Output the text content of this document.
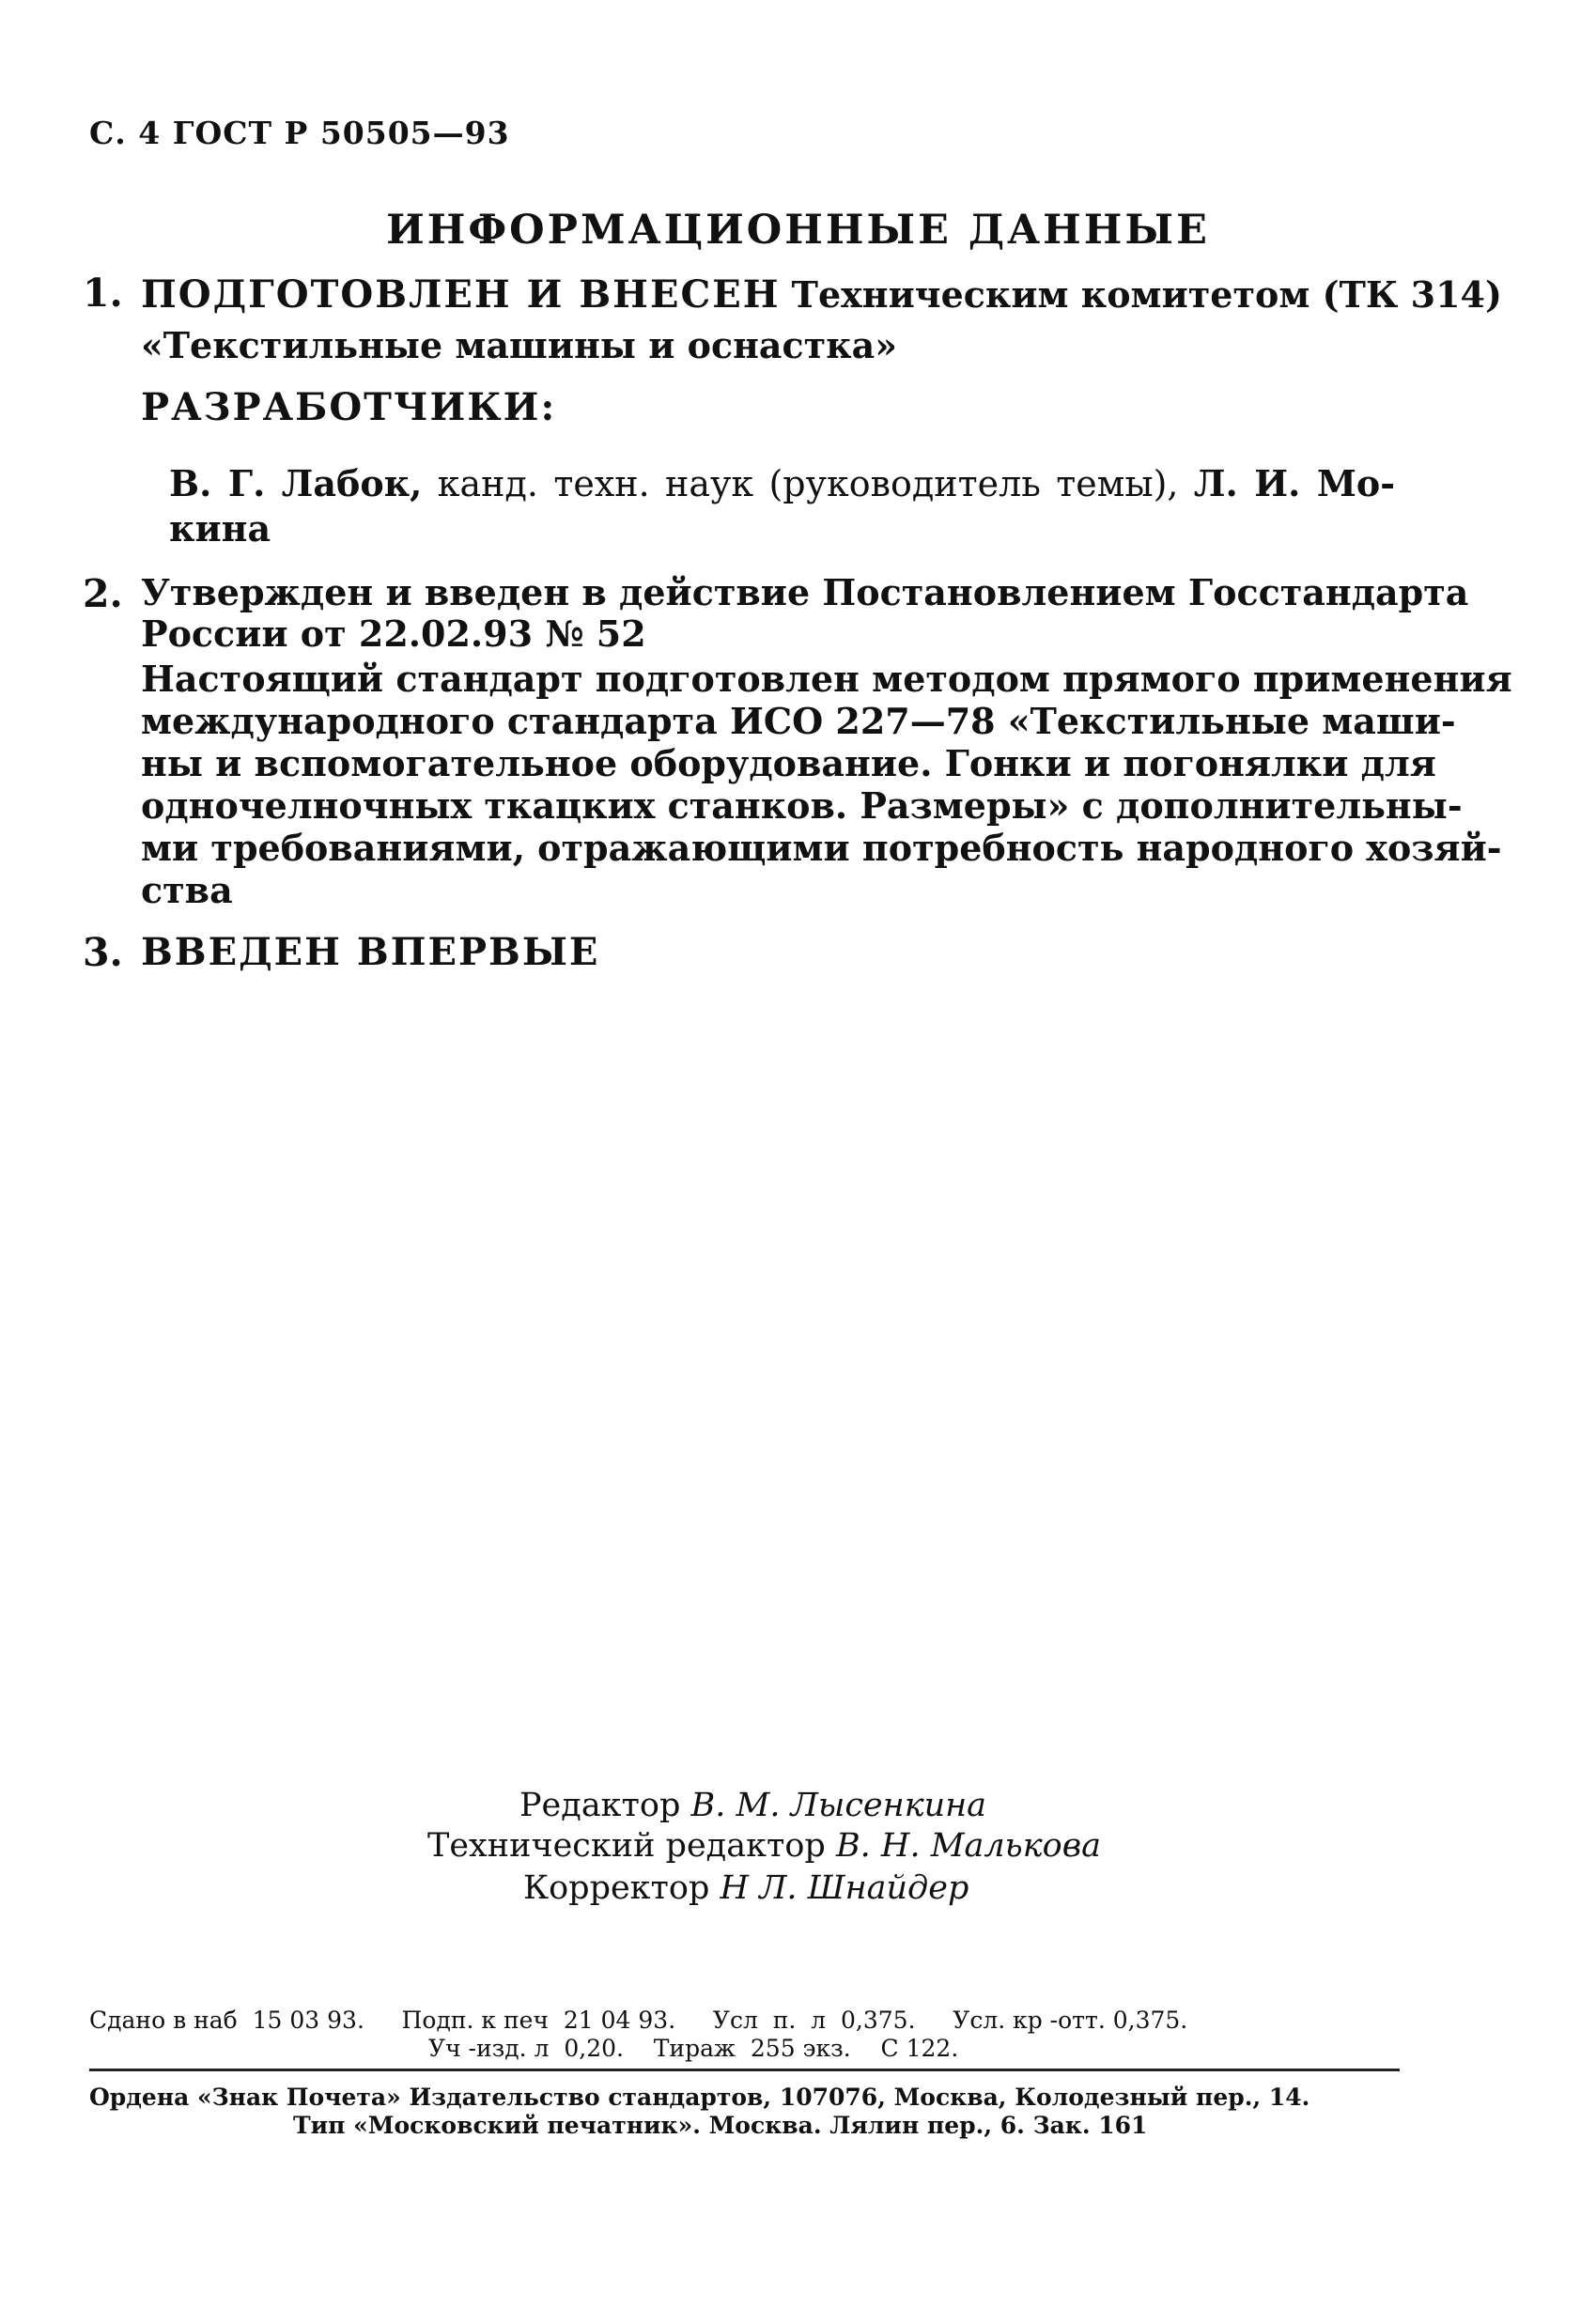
С. 4 ГОСТ Р 50505—93
ИНФОРМАЦИОННЫЕ ДАННЫЕ
1. ПОДГОТОВЛЕН И ВНЕСЕН Техническим комитетом (ТК 314)
«Текстильные машины и оснастка»
РАЗРАБОТЧИКИ:
В. Г. Лабок, канд. техн. наук (руководитель темы), Л. И. Мо-
кина
2. Утвержден и введен в действие Постановлением Госстандарта
России от 22.02.93 № 52
Настоящий стандарт подготовлен методом прямого применения
международного стандарта ИСО 227—78 «Текстильные маши-
ны и вспомогательное оборудование. Гонки и погонялки для
одночелночных ткацких станков. Размеры» с дополнительны-
ми требованиями, отражающими потребность народного хозяй-
ства
3. ВВЕДЕН ВПЕРВЫЕ
Редактор В. М. Лысенкина
Технический редактор В. Н. Малькова
Корректор Н Л. Шнайдер
Сдано в наб  15 03 93.     Подп. к печ  21 04 93.     Усл  п.  л  0,375.     Усл. кр -отт. 0,375.
Уч -изд. л  0,20.    Тираж  255 экз.    С 122.
Ордена «Знак Почета» Издательство стандартов, 107076, Москва, Колодезный пер., 14.
Тип «Московский печатник». Москва. Лялин пер., 6. Зак. 161
